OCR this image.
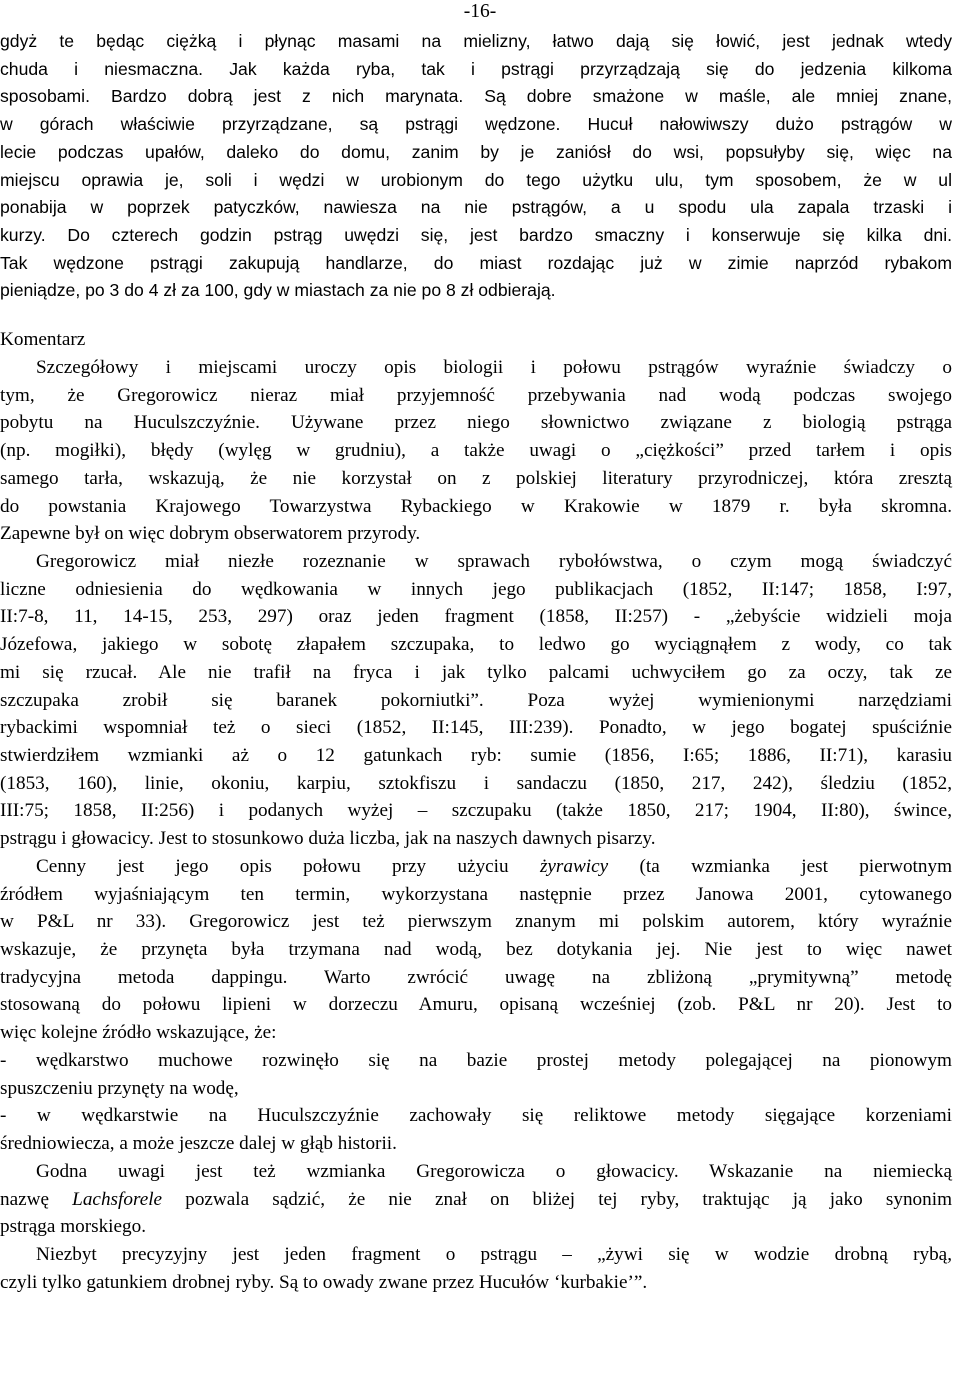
-16-
gdyż te będąc ciężką i płynąc masami na mielizny, łatwo dają się łowić, jest jednak wtedy
chuda i niesmaczna. Jak każda ryba, tak i pstrągi przyrządzają się do jedzenia kilkoma
sposobami. Bardzo dobrą jest z nich marynata. Są dobre smażone w maśle, ale mniej znane,
w górach właściwie przyrządzane, są pstrągi wędzone. Hucuł nałowiwszy dużo pstrągów w
lecie podczas upałów, daleko do domu, zanim by je zaniósł do wsi, popsułyby się, więc na
miejscu oprawia je, soli i wędzi w urobionym do tego użytku ulu, tym sposobem, że w ul
ponabija w poprzek patyczków, nawiesza na nie pstrągów, a u spodu ula zapala trzaski i
kurzy. Do czterech godzin pstrąg uwędzi się, jest bardzo smaczny i konserwuje się kilka dni.
Tak wędzone pstrągi zakupują handlarze, do miast rozdając już w zimie naprzód rybakom
pieniądze, po 3 do 4 zł za 100, gdy w miastach za nie po 8 zł odbierają.
Komentarz
Szczegółowy i miejscami uroczy opis biologii i połowu pstrągów wyraźnie świadczy o
tym, że Gregorowicz nieraz miał przyjemność przebywania nad wodą podczas swojego
pobytu na Huculszczyźnie. Używane przez niego słownictwo związane z biologią pstrąga
(np. mogiłki), błędy (wylęg w grudniu), a także uwagi o „ciężkości” przed tarłem i opis
samego tarła, wskazują, że nie korzystał on z polskiej literatury przyrodniczej, która zresztą
do powstania Krajowego Towarzystwa Rybackiego w Krakowie w 1879 r. była skromna.
Zapewne był on więc dobrym obserwatorem przyrody.
Gregorowicz miał niezłe rozeznanie w sprawach rybołówstwa, o czym mogą świadczyć
liczne odniesienia do wędkowania w innych jego publikacjach (1852, II:147; 1858, I:97,
II:7-8, 11, 14-15, 253, 297) oraz jeden fragment (1858, II:257) - „żebyście widzieli moja
Józefowa, jakiego w sobotę złapałem szczupaka, to ledwo go wyciągnąłem z wody, co tak
mi się rzucał. Ale nie trafił na fryca i jak tylko palcami uchwyciłem go za oczy, tak ze
szczupaka zrobił się baranek pokorniutki”. Poza wyżej wymienionymi narzędziami
rybackimi wspomniał też o sieci (1852, II:145, III:239). Ponadto, w jego bogatej spuściźnie
stwierdziłem wzmianki aż o 12 gatunkach ryb: sumie (1856, I:65; 1886, II:71), karasiu
(1853, 160), linie, okoniu, karpiu, sztokfiszu i sandaczu (1850, 217, 242), śledziu (1852,
III:75; 1858, II:256) i podanych wyżej – szczupaku (także 1850, 217; 1904, II:80), śwince,
pstrągu i głowacicy. Jest to stosunkowo duża liczba, jak na naszych dawnych pisarzy.
Cenny jest jego opis połowu przy użyciu żyrawicy (ta wzmianka jest pierwotnym
źródłem wyjaśniającym ten termin, wykorzystana następnie przez Janowa 2001, cytowanego
w P&L nr 33). Gregorowicz jest też pierwszym znanym mi polskim autorem, który wyraźnie
wskazuje, że przynęta była trzymana nad wodą, bez dotykania jej. Nie jest to więc nawet
tradycyjna metoda dappingu. Warto zwrócić uwagę na zbliżoną „prymitywną” metodę
stosowaną do połowu lipieni w dorzeczu Amuru, opisaną wcześniej (zob. P&L nr 20). Jest to
więc kolejne źródło wskazujące, że:
- wędkarstwo muchowe rozwinęło się na bazie prostej metody polegającej na pionowym
spuszczeniu przynęty na wodę,
- w wędkarstwie na Huculszczyźnie zachowały się reliktowe metody sięgające korzeniami
średniowiecza, a może jeszcze dalej w głąb historii.
Godna uwagi jest też wzmianka Gregorowicza o głowacicy. Wskazanie na niemiecką
nazwę Lachsforele pozwala sądzić, że nie znał on bliżej tej ryby, traktując ją jako synonim
pstrąga morskiego.
Niezbyt precyzyjny jest jeden fragment o pstrągu – „żywi się w wodzie drobną rybą,
czyli tylko gatunkiem drobnej ryby. Są to owady zwane przez Hucułów ‘kurbakie’”.
